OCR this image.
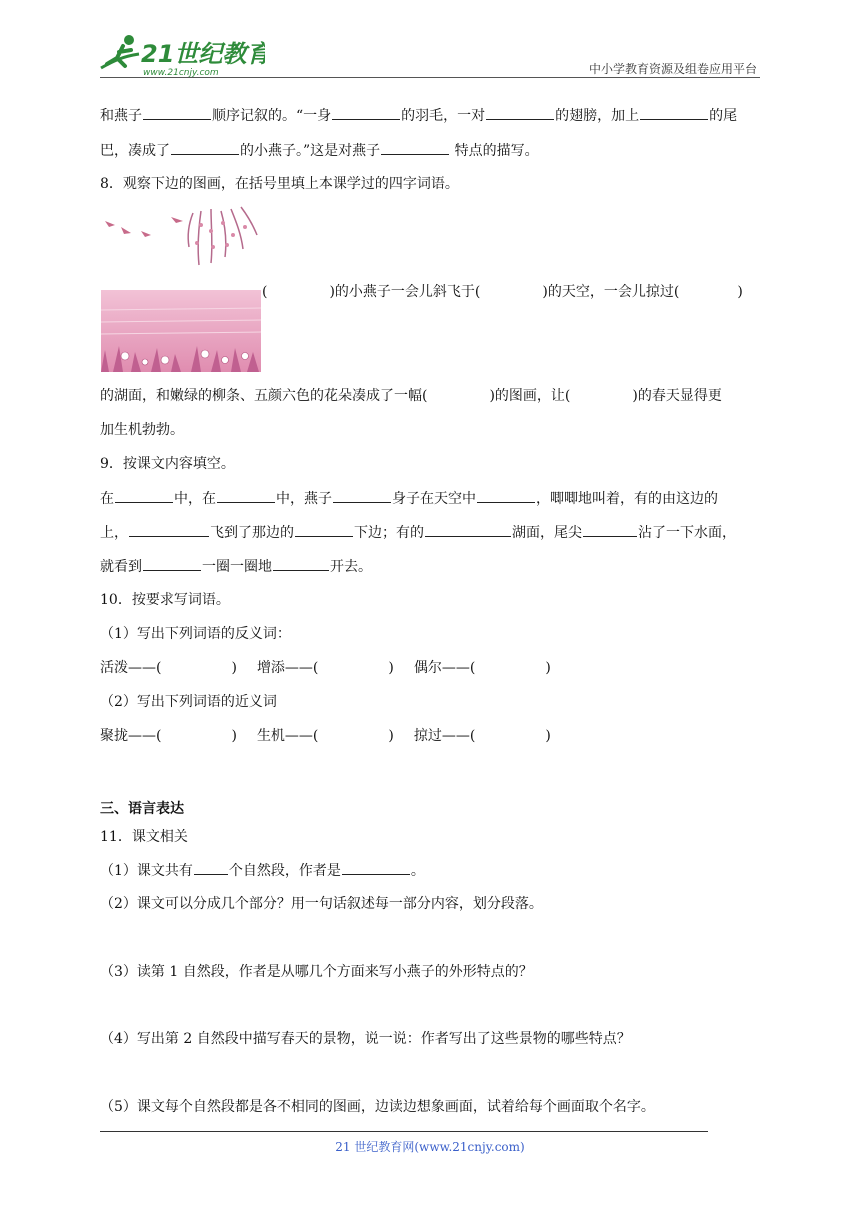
21世纪教育
www.21cnjy.com	中小学教育资源及组卷应用平台
和燕子	顺序记叙的。“一身	的羽毛，一对	的翅膀，加上	的尾
巴，凑成了	的小燕子。”这是对燕子	特点的描写。
8．观察下边的图画，在括号里填上本课学过的四字词语。
(	)的小燕子一会儿斜飞于(	)的天空，一会儿掠过(	)
的湖面，和嫩绿的柳条、五颜六色的花朵凑成了一幅(	)的图画，让(	)的春天显得更
加生机勃勃。
9．按课文内容填空。
在	中，在	中，燕子	身子在天空中	，唧唧地叫着，有的由这边的
上，	飞到了那边的	下边；有的	湖面，尾尖	沾了一下水面，
就看到	一圈一圈地	开去。
10．按要求写词语。
（1）写出下列词语的反义词：
活泼——(	) 增添——(	) 偶尔——(	)
（2）写出下列词语的近义词
聚拢——(	) 生机——(	) 掠过——(	)
三、语言表达
11．课文相关
（1）课文共有	个自然段，作者是	。
（2）课文可以分成几个部分？用一句话叙述每一部分内容，划分段落。
（3）读第 1 自然段，作者是从哪几个方面来写小燕子的外形特点的？
（4）写出第 2 自然段中描写春天的景物，说一说：作者写出了这些景物的哪些特点？
（5）课文每个自然段都是各不相同的图画，边读边想象画面，试着给每个画面取个名字。
21 世纪教育网(www.21cnjy.com)
